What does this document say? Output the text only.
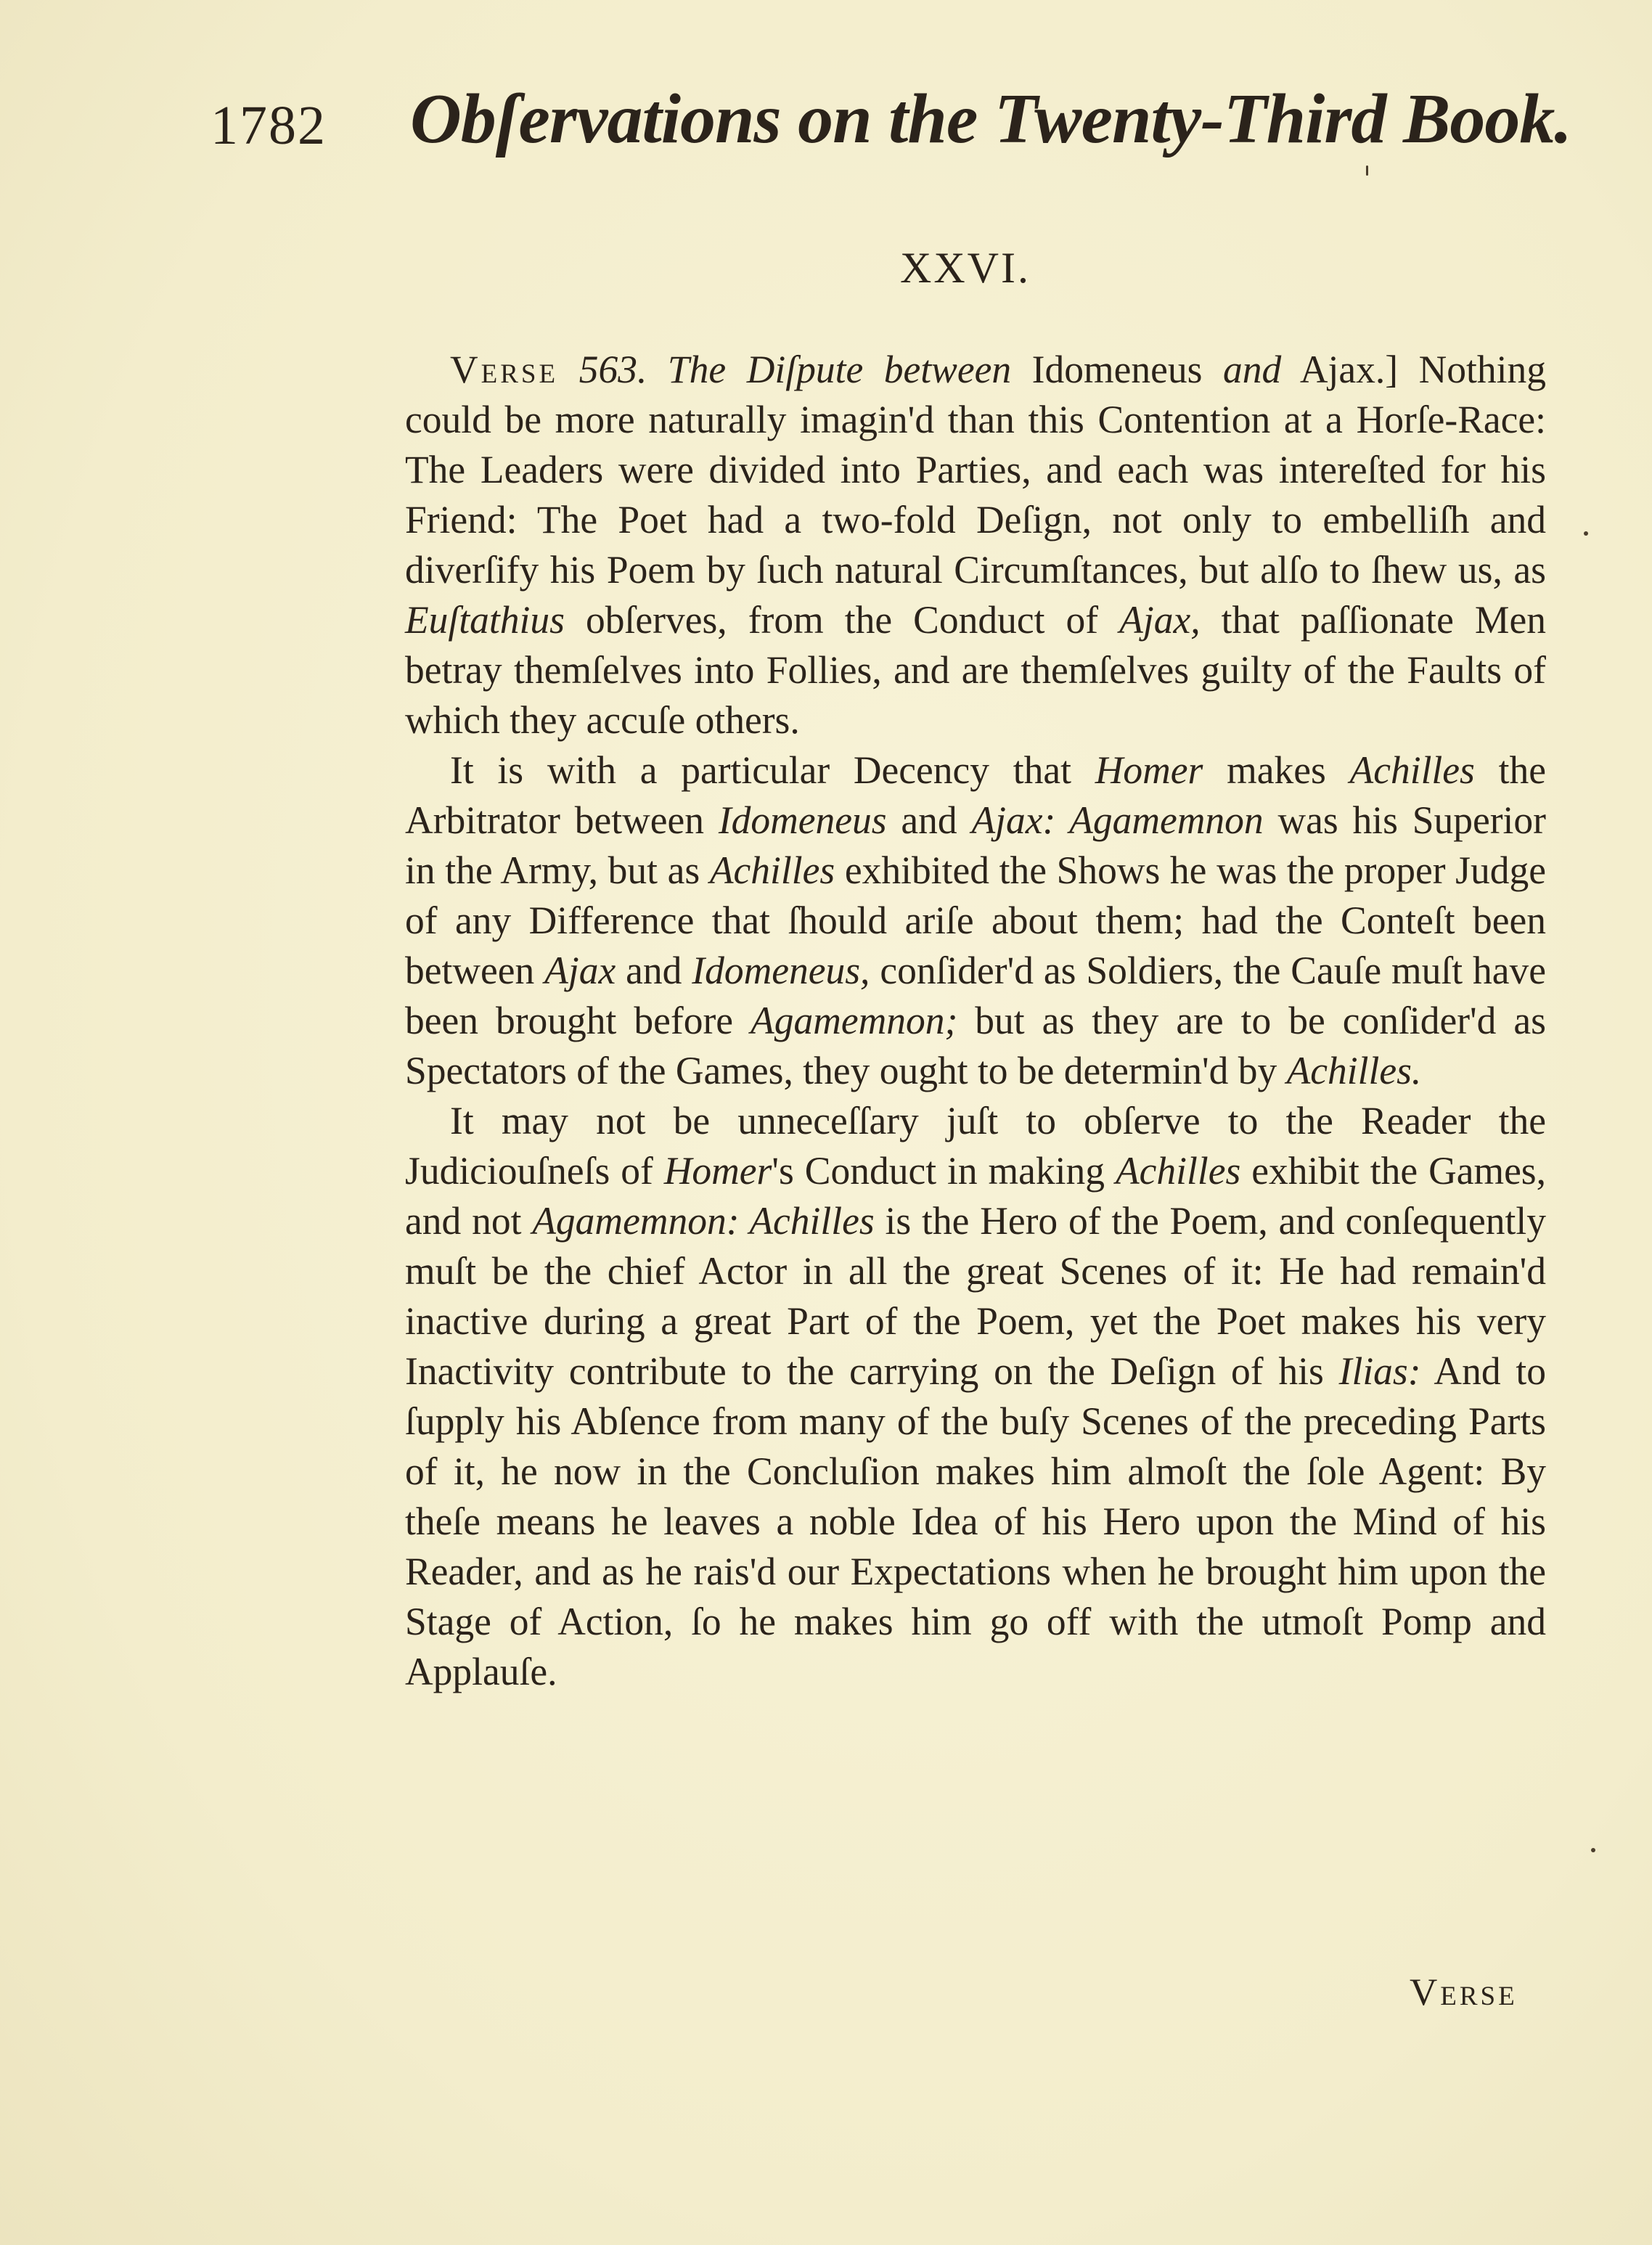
1782 Obſervations on the Twenty-Third Book.
XXVI.

Verse 563. The Diſpute between Idomeneus and Ajax.] Nothing could be more naturally imagin'd than this Contention at a Horſe-Race: The Leaders were divided into Parties, and each was intereſted for his Friend: The Poet had a two-fold Deſign, not only to embelliſh and diverſify his Poem by ſuch natural Circumſtances, but alſo to ſhew us, as Euſtathius obſerves, from the Conduct of Ajax, that paſſionate Men betray themſelves into Follies, and are themſelves guilty of the Faults of which they accuſe others.

It is with a particular Decency that Homer makes Achilles the Arbitrator between Idomeneus and Ajax: Agamemnon was his Superior in the Army, but as Achilles exhibited the Shows he was the proper Judge of any Difference that ſhould ariſe about them; had the Conteſt been between Ajax and Idomeneus, conſider'd as Soldiers, the Cauſe muſt have been brought before Agamemnon; but as they are to be conſider'd as Spectators of the Games, they ought to be determin'd by Achilles.

It may not be unneceſſary juſt to obſerve to the Reader the Judiciouſneſs of Homer's Conduct in making Achilles exhibit the Games, and not Agamemnon: Achilles is the Hero of the Poem, and conſequently muſt be the chief Actor in all the great Scenes of it: He had remain'd inactive during a great Part of the Poem, yet the Poet makes his very Inactivity contribute to the carrying on the Deſign of his Ilias: And to ſupply his Abſence from many of the buſy Scenes of the preceding Parts of it, he now in the Concluſion makes him almoſt the ſole Agent: By theſe means he leaves a noble Idea of his Hero upon the Mind of his Reader, and as he rais'd our Expectations when he brought him upon the Stage of Action, ſo he makes him go off with the utmoſt Pomp and Applauſe.

Verse
